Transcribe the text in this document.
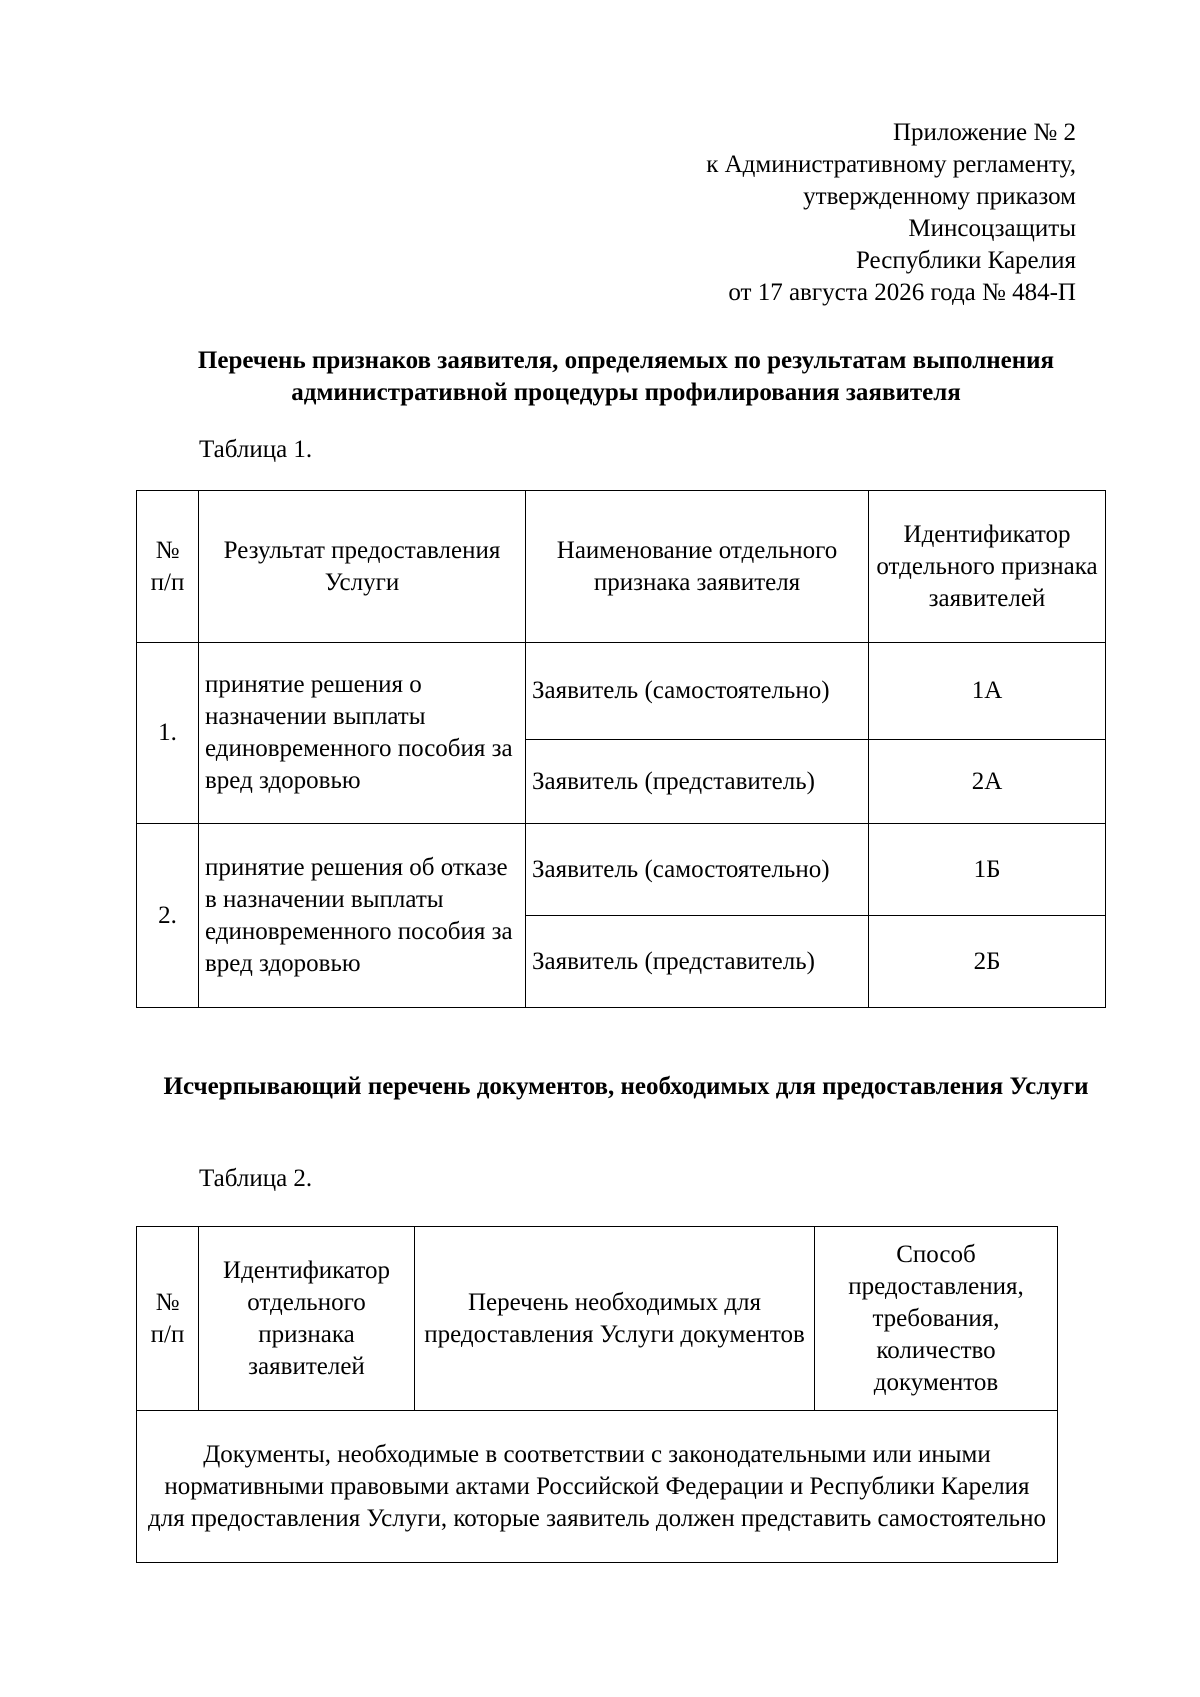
Приложение № 2
к Административному регламенту,
утвержденному приказом
Минсоцзащиты
Республики Карелия
от 17 августа 2026 года № 484-П
Перечень признаков заявителя, определяемых по результатам выполнения административной процедуры профилирования заявителя
Таблица 1.
№ п/п	Результат предоставления Услуги	Наименование отдельного признака заявителя	Идентификатор отдельного признака заявителей
1.	принятие решения о назначении выплаты единовременного пособия за вред здоровью	Заявитель (самостоятельно)	1А
		Заявитель (представитель)	2А
2.	принятие решения об отказе в назначении выплаты единовременного пособия за вред здоровью	Заявитель (самостоятельно)	1Б
		Заявитель (представитель)	2Б
Исчерпывающий перечень документов, необходимых для предоставления Услуги
Таблица 2.
№ п/п	Идентификатор отдельного признака заявителей	Перечень необходимых для предоставления Услуги документов	Способ предоставления, требования, количество документов
Документы, необходимые в соответствии с законодательными или иными нормативными правовыми актами Российской Федерации и Республики Карелия для предоставления Услуги, которые заявитель должен представить самостоятельно
